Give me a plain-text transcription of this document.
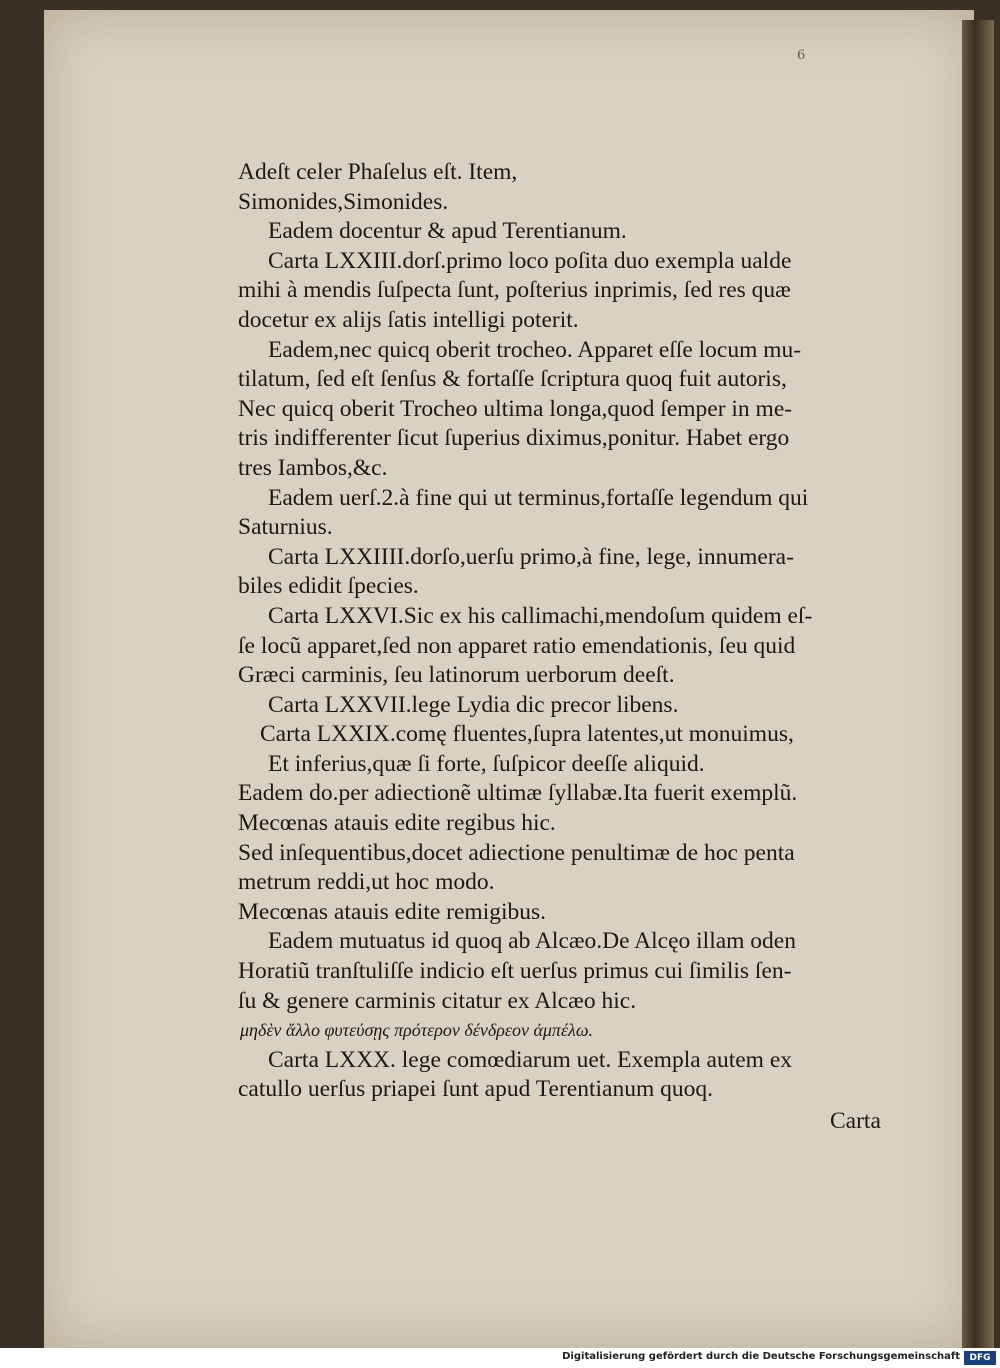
6
Adeſt celer Phaſelus eſt. Item,
Simonides,Simonides.
Eadem docentur & apud Terentianum.
Carta LXXIII.dorſ.primo loco poſita duo exempla ualde
mihi à mendis ſuſpecta ſunt, poſterius inprimis, ſed res quæ
docetur ex alijs ſatis intelligi poterit.
Eadem,nec quicq oberit trocheo. Apparet eſſe locum mu-
tilatum, ſed eſt ſenſus & fortaſſe ſcriptura quoq fuit autoris,
Nec quicq oberit Trocheo ultima longa,quod ſemper in me-
tris indifferenter ſicut ſuperius diximus,ponitur. Habet ergo
tres Iambos,&c.
Eadem uerſ.2.à fine qui ut terminus,fortaſſe legendum qui
Saturnius.
Carta LXXIIII.dorſo,uerſu primo,à fine, lege, innumera-
biles edidit ſpecies.
Carta LXXVI.Sic ex his callimachi,mendoſum quidem eſ-
ſe locũ apparet,ſed non apparet ratio emendationis, ſeu quid
Græci carminis, ſeu latinorum uerborum deeſt.
Carta LXXVII.lege Lydia dic precor libens.
Carta LXXIX.comę fluentes,ſupra latentes,ut monuimus,
Et inferius,quæ ſi forte, ſuſpicor deeſſe aliquid.
Eadem do.per adiectionẽ ultimæ ſyllabæ.Ita fuerit exemplũ.
Mecœnas atauis edite regibus hic.
Sed inſequentibus,docet adiectione penultimæ de hoc penta
metrum reddi,ut hoc modo.
Mecœnas atauis edite remigibus.
Eadem mutuatus id quoq ab Alcæo.De Alcęo illam oden
Horatiũ tranſtuliſſe indicio eſt uerſus primus cui ſimilis ſen-
ſu & genere carminis citatur ex Alcæo hic.
μηδὲν ἄλλο φυτεύσῃς πρότερον δένδρεον ἀμπέλω.
Carta LXXX. lege comœdiarum uet. Exempla autem ex
catullo uerſus priapei ſunt apud Terentianum quoq.
Carta
Digitalisierung gefördert durch die Deutsche Forschungsgemeinschaft	DFG
